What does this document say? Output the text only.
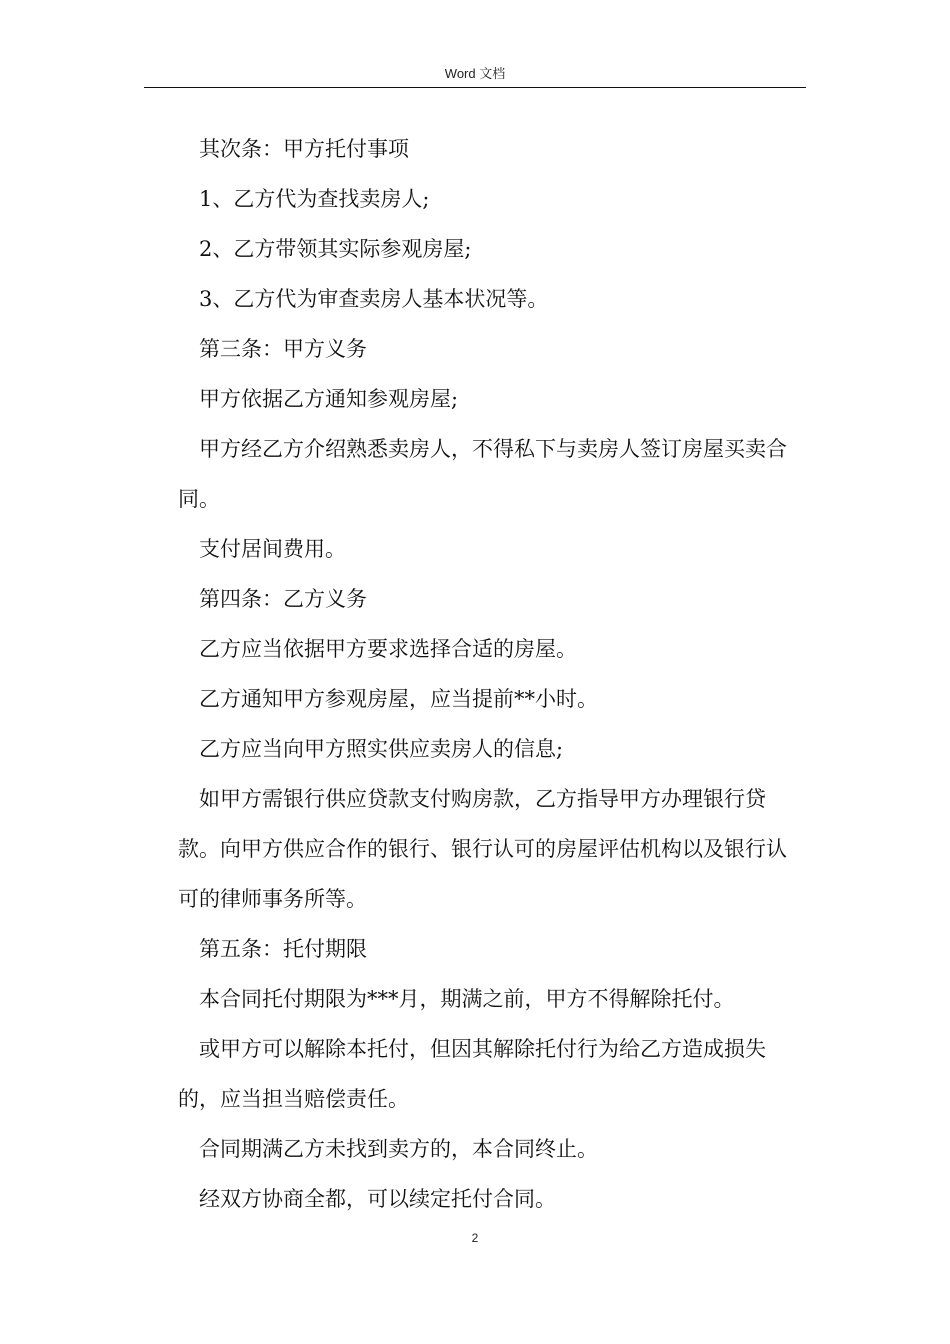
Word 文档

其次条：甲方托付事项

1、乙方代为查找卖房人;

2、乙方带领其实际参观房屋;

3、乙方代为审查卖房人基本状况等。

第三条：甲方义务

甲方依据乙方通知参观房屋;

甲方经乙方介绍熟悉卖房人，不得私下与卖房人签订房屋买卖合同。

支付居间费用。

第四条：乙方义务

乙方应当依据甲方要求选择合适的房屋。

乙方通知甲方参观房屋，应当提前**小时。

乙方应当向甲方照实供应卖房人的信息;

如甲方需银行供应贷款支付购房款，乙方指导甲方办理银行贷款。向甲方供应合作的银行、银行认可的房屋评估机构以及银行认可的律师事务所等。

第五条：托付期限

本合同托付期限为***月，期满之前，甲方不得解除托付。

或甲方可以解除本托付，但因其解除托付行为给乙方造成损失的，应当担当赔偿责任。

合同期满乙方未找到卖方的，本合同终止。

经双方协商全都，可以续定托付合同。

2
